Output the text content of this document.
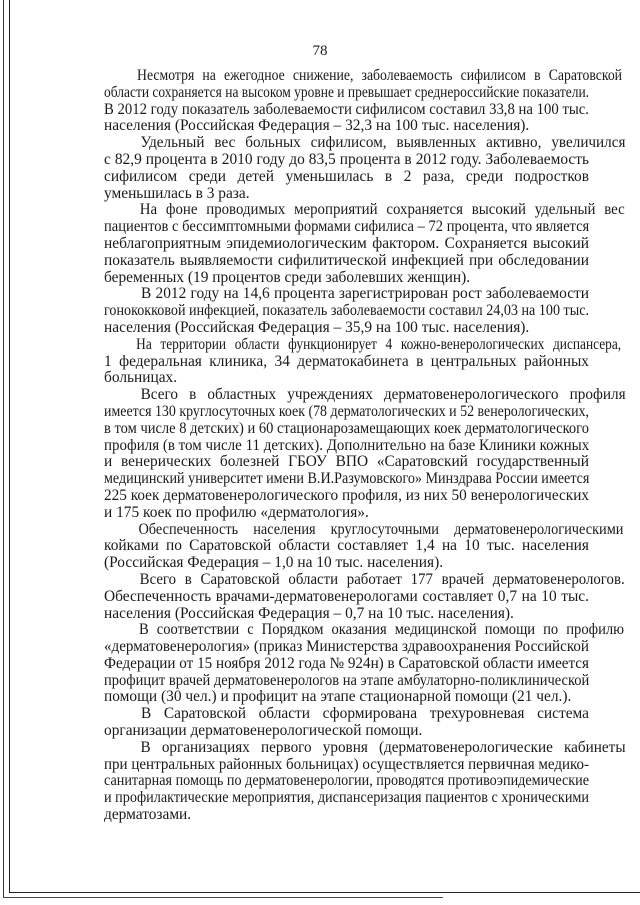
78
Несмотря на ежегодное снижение, заболеваемость сифилисом в Саратовской
области сохраняется на высоком уровне и превышает среднероссийские показатели.
В 2012 году показатель заболеваемости сифилисом составил 33,8 на 100 тыс.
населения (Российская Федерация – 32,3 на 100 тыс. населения).
Удельный вес больных сифилисом, выявленных активно, увеличился
с 82,9 процента в 2010 году до 83,5 процента в 2012 году. Заболеваемость
сифилисом среди детей уменьшилась в 2 раза, среди подростков
уменьшилась в 3 раза.
На фоне проводимых мероприятий сохраняется высокий удельный вес
пациентов с бессимптомными формами сифилиса – 72 процента, что является
неблагоприятным эпидемиологическим фактором. Сохраняется высокий
показатель выявляемости сифилитической инфекцией при обследовании
беременных (19 процентов среди заболевших женщин).
В 2012 году на 14,6 процента зарегистрирован рост заболеваемости
гонококковой инфекцией, показатель заболеваемости составил 24,03 на 100 тыс.
населения (Российская Федерация – 35,9 на 100 тыс. населения).
На территории области функционирует 4 кожно-венерологических диспансера,
1 федеральная клиника, 34 дерматокабинета в центральных районных
больницах.
Всего в областных учреждениях дерматовенерологического профиля
имеется 130 круглосуточных коек (78 дерматологических и 52 венерологических,
в том числе 8 детских) и 60 стационарозамещающих коек дерматологического
профиля (в том числе 11 детских). Дополнительно на базе Клиники кожных
и венерических болезней ГБОУ ВПО «Саратовский государственный
медицинский университет имени В.И.Разумовского» Минздрава России имеется
225 коек дерматовенерологического профиля, из них 50 венерологических
и 175 коек по профилю «дерматология».
Обеспеченность населения круглосуточными дерматовенерологическими
койками по Саратовской области составляет 1,4 на 10 тыс. населения
(Российская Федерация – 1,0 на 10 тыс. населения).
Всего в Саратовской области работает 177 врачей дерматовенерологов.
Обеспеченность врачами-дерматовенерологами составляет 0,7 на 10 тыс.
населения (Российская Федерация – 0,7 на 10 тыс. населения).
В соответствии с Порядком оказания медицинской помощи по профилю
«дерматовенерология» (приказ Министерства здравоохранения Российской
Федерации от 15 ноября 2012 года № 924н) в Саратовской области имеется
профицит врачей дерматовенерологов на этапе амбулаторно-поликлинической
помощи (30 чел.) и профицит на этапе стационарной помощи (21 чел.).
В Саратовской области сформирована трехуровневая система
организации дерматовенерологической помощи.
В организациях первого уровня (дерматовенерологические кабинеты
при центральных районных больницах) осуществляется первичная медико-
санитарная помощь по дерматовенерологии, проводятся противоэпидемические
и профилактические мероприятия, диспансеризация пациентов с хроническими
дерматозами.
